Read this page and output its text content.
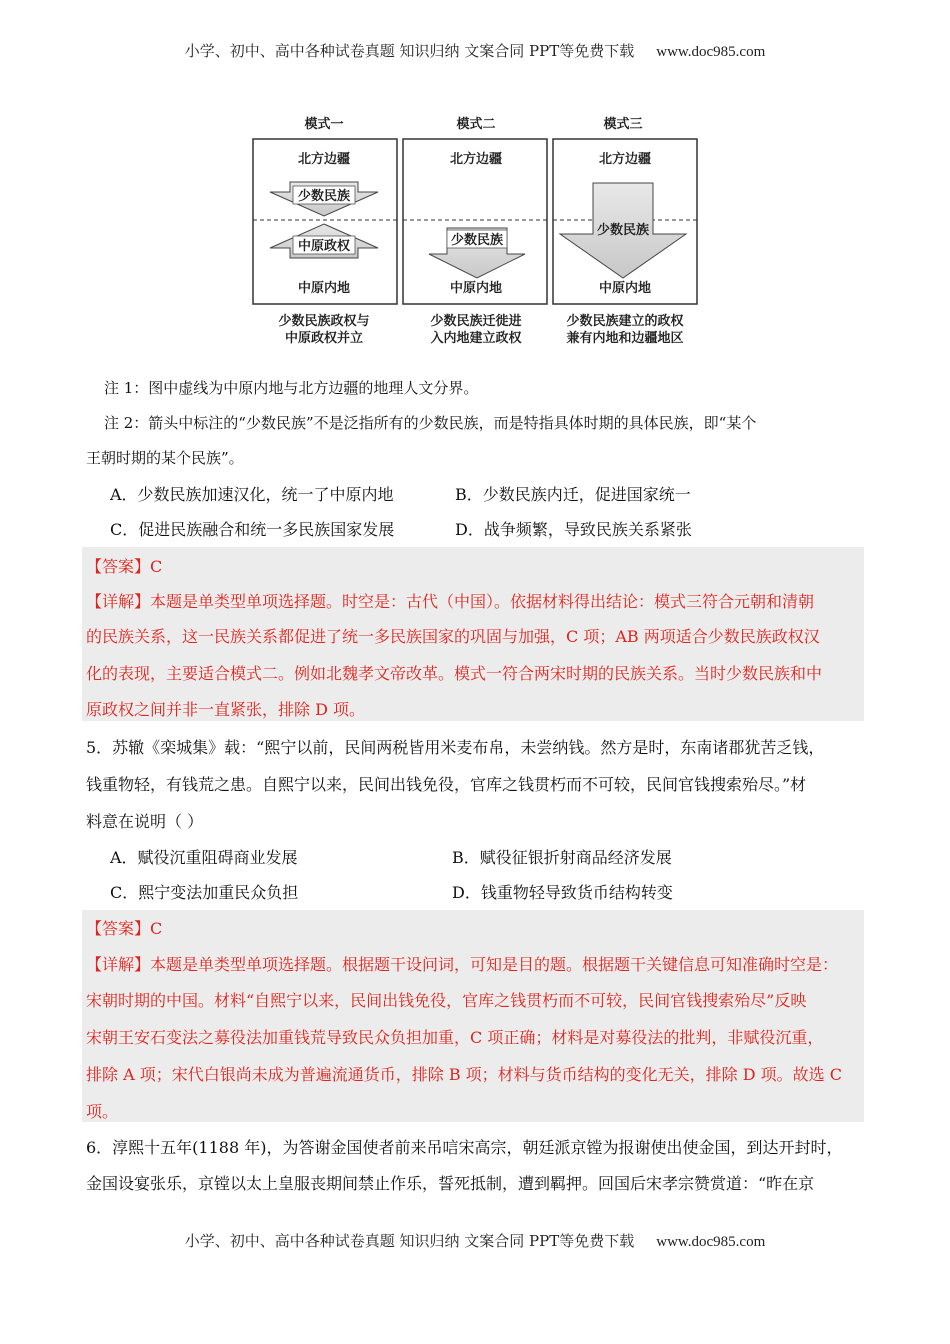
小学、初中、高中各种试卷真题 知识归纳 文案合同 PPT等免费下载 www.doc985.com
模式一	模式二	模式三
北方边疆	北方边疆	北方边疆
少数民族
中原政权	少数民族
少数民族
中原内地	中原内地	中原内地
少数民族政权与
中原政权并立
少数民族迁徙进
入内地建立政权
少数民族建立的政权
兼有内地和边疆地区
注 1：图中虚线为中原内地与北方边疆的地理人文分界。
注 2：箭头中标注的“少数民族”不是泛指所有的少数民族，而是特指具体时期的具体民族，即“某个
王朝时期的某个民族”。
A．少数民族加速汉化，统一了中原内地	B．少数民族内迁，促进国家统一
C．促进民族融合和统一多民族国家发展	D．战争频繁，导致民族关系紧张
【答案】C
【详解】本题是单类型单项选择题。时空是：古代（中国）。依据材料得出结论：模式三符合元朝和清朝
的民族关系，这一民族关系都促进了统一多民族国家的巩固与加强，C 项；AB 两项适合少数民族政权汉
化的表现，主要适合模式二。例如北魏孝文帝改革。模式一符合两宋时期的民族关系。当时少数民族和中
原政权之间并非一直紧张，排除 D 项。
5．苏辙《栾城集》载：“熙宁以前，民间两税皆用米麦布帛，未尝纳钱。然方是时，东南诸郡犹苦乏钱，
钱重物轻，有钱荒之患。自熙宁以来，民间出钱免役，官库之钱贯朽而不可较，民间官钱搜索殆尽。”材
料意在说明（ ）
A．赋役沉重阻碍商业发展	B．赋役征银折射商品经济发展
C．熙宁变法加重民众负担	D．钱重物轻导致货币结构转变
【答案】C
【详解】本题是单类型单项选择题。根据题干设问词，可知是目的题。根据题干关键信息可知准确时空是：
宋朝时期的中国。材料“自熙宁以来，民间出钱免役，官库之钱贯朽而不可较，民间官钱搜索殆尽”反映
宋朝王安石变法之募役法加重钱荒导致民众负担加重，C 项正确；材料是对募役法的批判，非赋役沉重，
排除 A 项；宋代白银尚未成为普遍流通货币，排除 B 项；材料与货币结构的变化无关，排除 D 项。故选 C
项。
6．淳熙十五年(1188 年)，为答谢金国使者前来吊唁宋高宗，朝廷派京镗为报谢使出使金国，到达开封时，
金国设宴张乐，京镗以太上皇服丧期间禁止作乐，誓死抵制，遭到羁押。回国后宋孝宗赞赏道：“昨在京
小学、初中、高中各种试卷真题 知识归纳 文案合同 PPT等免费下载 www.doc985.com
